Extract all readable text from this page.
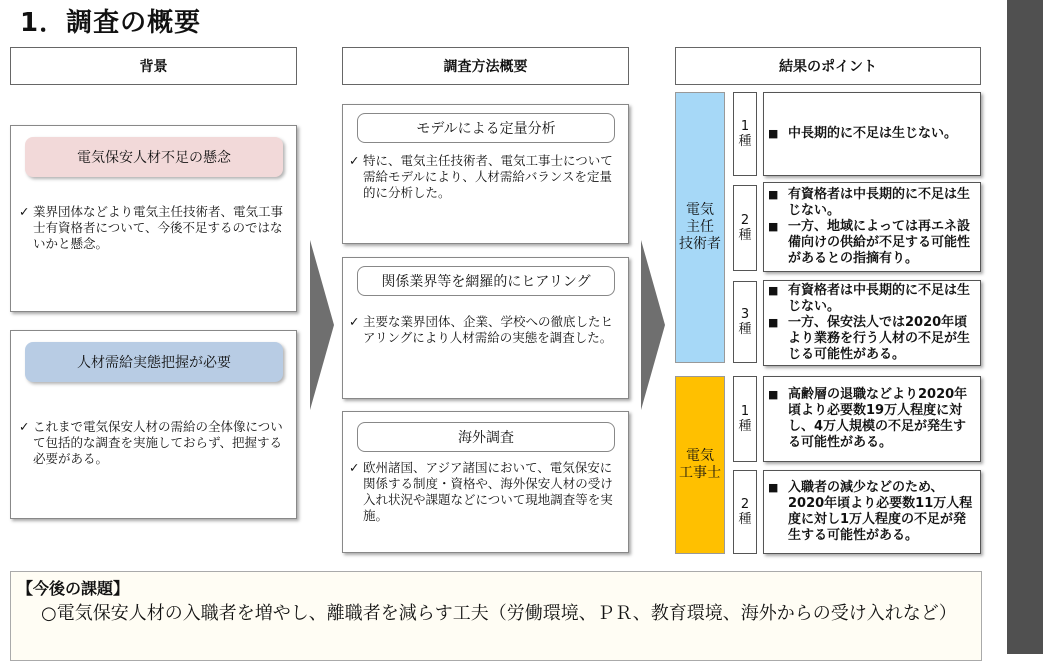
1．調査の概要
背景	調査方法概要	結果のポイント
電気保安人材不足の懸念
✓ 業界団体などより電気主任技術者、電気工事士有資格者について、今後不足するのではないかと懸念。
人材需給実態把握が必要
✓ これまで電気保安人材の需給の全体像について包括的な調査を実施しておらず、把握する必要がある。
モデルによる定量分析
✓ 特に、電気主任技術者、電気工事士について需給モデルにより、人材需給バランスを定量的に分析した。
関係業界等を網羅的にヒアリング
✓ 主要な業界団体、企業、学校への徹底したヒアリングにより人材需給の実態を調査した。
海外調査
✓ 欧州諸国、アジア諸国において、電気保安に関係する制度・資格や、海外保安人材の受け入れ状況や課題などについて現地調査等を実施。
電気
主任
技術者
電気
工事士
1
種
■ 中長期的に不足は生じない。
2
種
■ 有資格者は中長期的に不足は生じない。
■ 一方、地域によっては再エネ設備向けの供給が不足する可能性があるとの指摘有り。
3
種
■ 有資格者は中長期的に不足は生じない。
■ 一方、保安法人では2020年頃より業務を行う人材の不足が生じる可能性がある。
1
種
■ 高齢層の退職などより2020年頃より必要数19万人程度に対し、4万人規模の不足が発生する可能性がある。
2
種
■ 入職者の減少などのため、2020年頃より必要数11万人程度に対し1万人程度の不足が発生する可能性がある。
【今後の課題】
○電気保安人材の入職者を増やし、離職者を減らす工夫（労働環境、ＰＲ、教育環境、海外からの受け入れなど）
